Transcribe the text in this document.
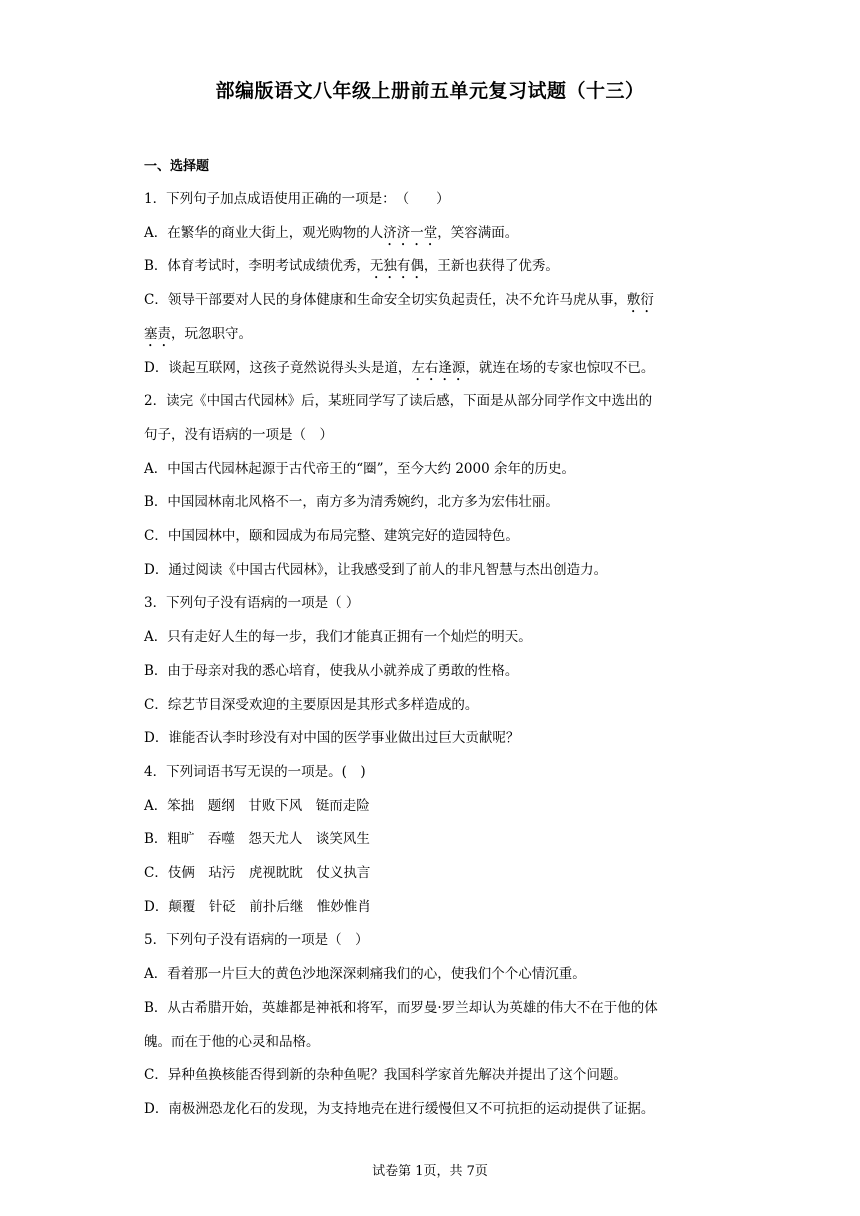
部编版语文八年级上册前五单元复习试题（十三）
一、选择题
1．下列句子加点成语使用正确的一项是：　（　　）
A．在繁华的商业大街上，观光购物的人济济一堂，笑容满面。
B．体育考试时，李明考试成绩优秀，无独有偶，王新也获得了优秀。
C．领导干部要对人民的身体健康和生命安全切实负起责任，决不允许马虎从事，敷衍
塞责，玩忽职守。
D．谈起互联网，这孩子竟然说得头头是道，左右逢源，就连在场的专家也惊叹不已。
2．读完《中国古代园林》后，某班同学写了读后感，下面是从部分同学作文中选出的
句子，没有语病的一项是（　）
A．中国古代园林起源于古代帝王的“圈”，至今大约 2000 余年的历史。
B．中国园林南北风格不一，南方多为清秀婉约，北方多为宏伟壮丽。
C．中国园林中，颐和园成为布局完整、建筑完好的造园特色。
D．通过阅读《中国古代园林》，让我感受到了前人的非凡智慧与杰出创造力。
3．下列句子没有语病的一项是（ ）
A．只有走好人生的每一步，我们才能真正拥有一个灿烂的明天。
B．由于母亲对我的悉心培育，使我从小就养成了勇敢的性格。
C．综艺节目深受欢迎的主要原因是其形式多样造成的。
D．谁能否认李时珍没有对中国的医学事业做出过巨大贡献呢？
4．下列词语书写无误的一项是。(　)
A．笨拙　题纲　甘败下风　铤而走险
B．粗旷　吞噬　怨天尤人　谈笑风生
C．伎俩　玷污　虎视眈眈　仗义执言
D．颠覆　针砭　前扑后继　惟妙惟肖
5．下列句子没有语病的一项是（　）
A．看着那一片巨大的黄色沙地深深刺痛我们的心，使我们个个心情沉重。
B．从古希腊开始，英雄都是神祇和将军，而罗曼·罗兰却认为英雄的伟大不在于他的体
魄。而在于他的心灵和品格。
C．异种鱼换核能否得到新的杂种鱼呢？我国科学家首先解决并提出了这个问题。
D．南极洲恐龙化石的发现，为支持地壳在进行缓慢但又不可抗拒的运动提供了证据。
试卷第 1页，共 7页
